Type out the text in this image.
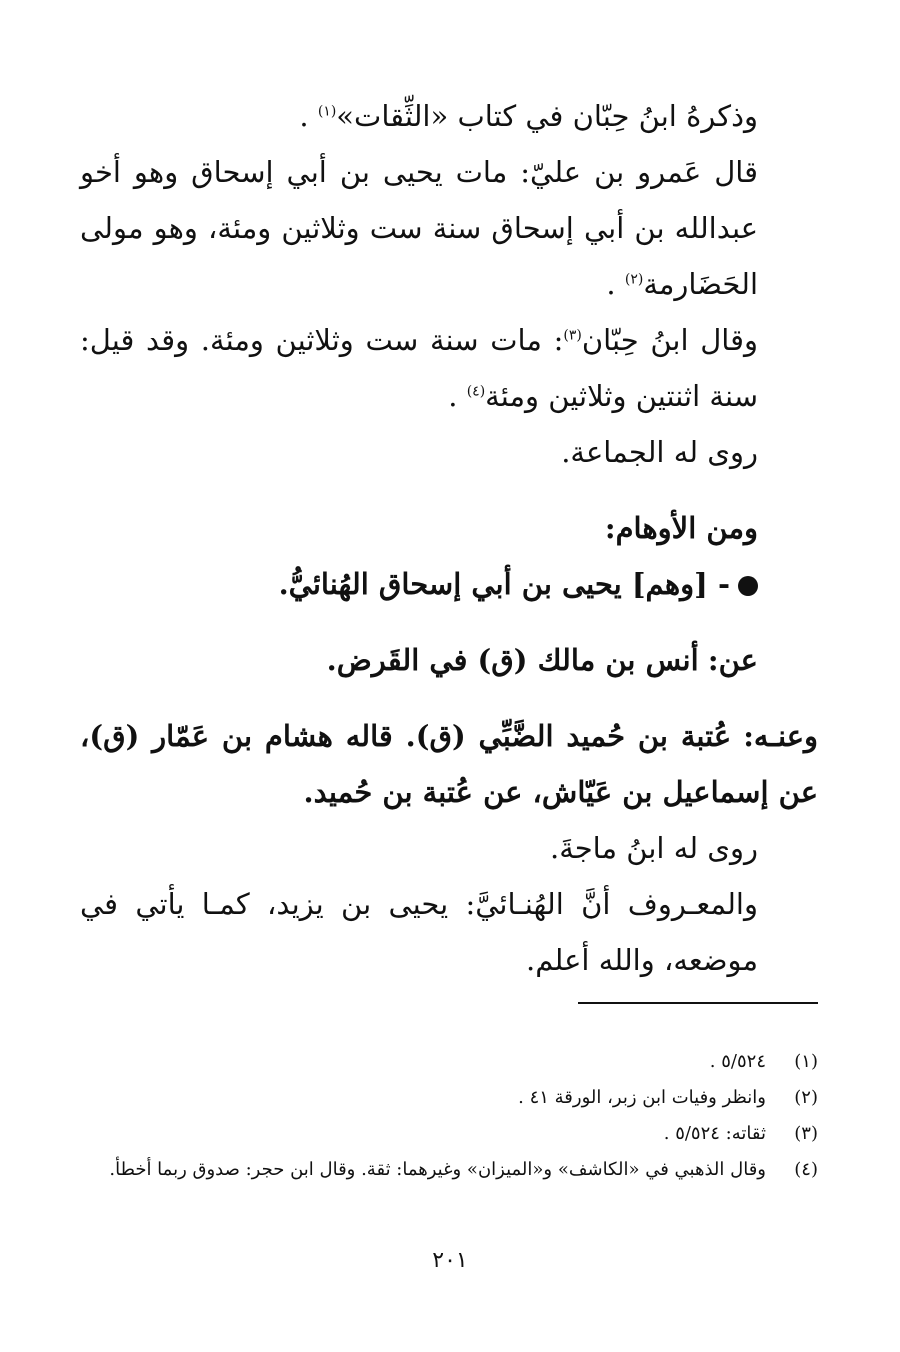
وذكرهُ ابنُ حِبّان في كتاب «الثِّقات»$^{(١)}$ .

قال عَمرو بن عليّ: مات يحيى بن أبي إسحاق وهو أخو عبدالله بن أبي إسحاق سنة ست وثلاثين ومئة، وهو مولى الحَضَارمة$^{(٢)}$ .

وقال ابنُ حِبّان$^{(٣)}$: مات سنة ست وثلاثين ومئة. وقد قيل: سنة اثنتين وثلاثين ومئة$^{(٤)}$ .

روى له الجماعة.

ومن الأوهام:

- [وهم] يحيى بن أبي إسحاق الهُنائيُّ.

عن: أنس بن مالك (ق) في القَرض.

وعنـه: عُتبة بن حُميد الضَّبِّي (ق). قاله هشام بن عَمّار (ق)، عن إسماعيل بن عَيّاش، عن عُتبة بن حُميد.

روى له ابنُ ماجةَ.

والمعـروف أنَّ الهُنـائيَّ: يحيى بن يزيد، كمـا يأتي في موضعه، والله أعلم.

(١)
٥/٥٢٤ .

(٢)
وانظر وفيات ابن زبر، الورقة ٤١ .

(٣)
ثقاته: ٥/٥٢٤ .

(٤)
وقال الذهبي في «الكاشف» و«الميزان» وغيرهما: ثقة. وقال ابن حجر: صدوق ربما أخطأ.

٢٠١
